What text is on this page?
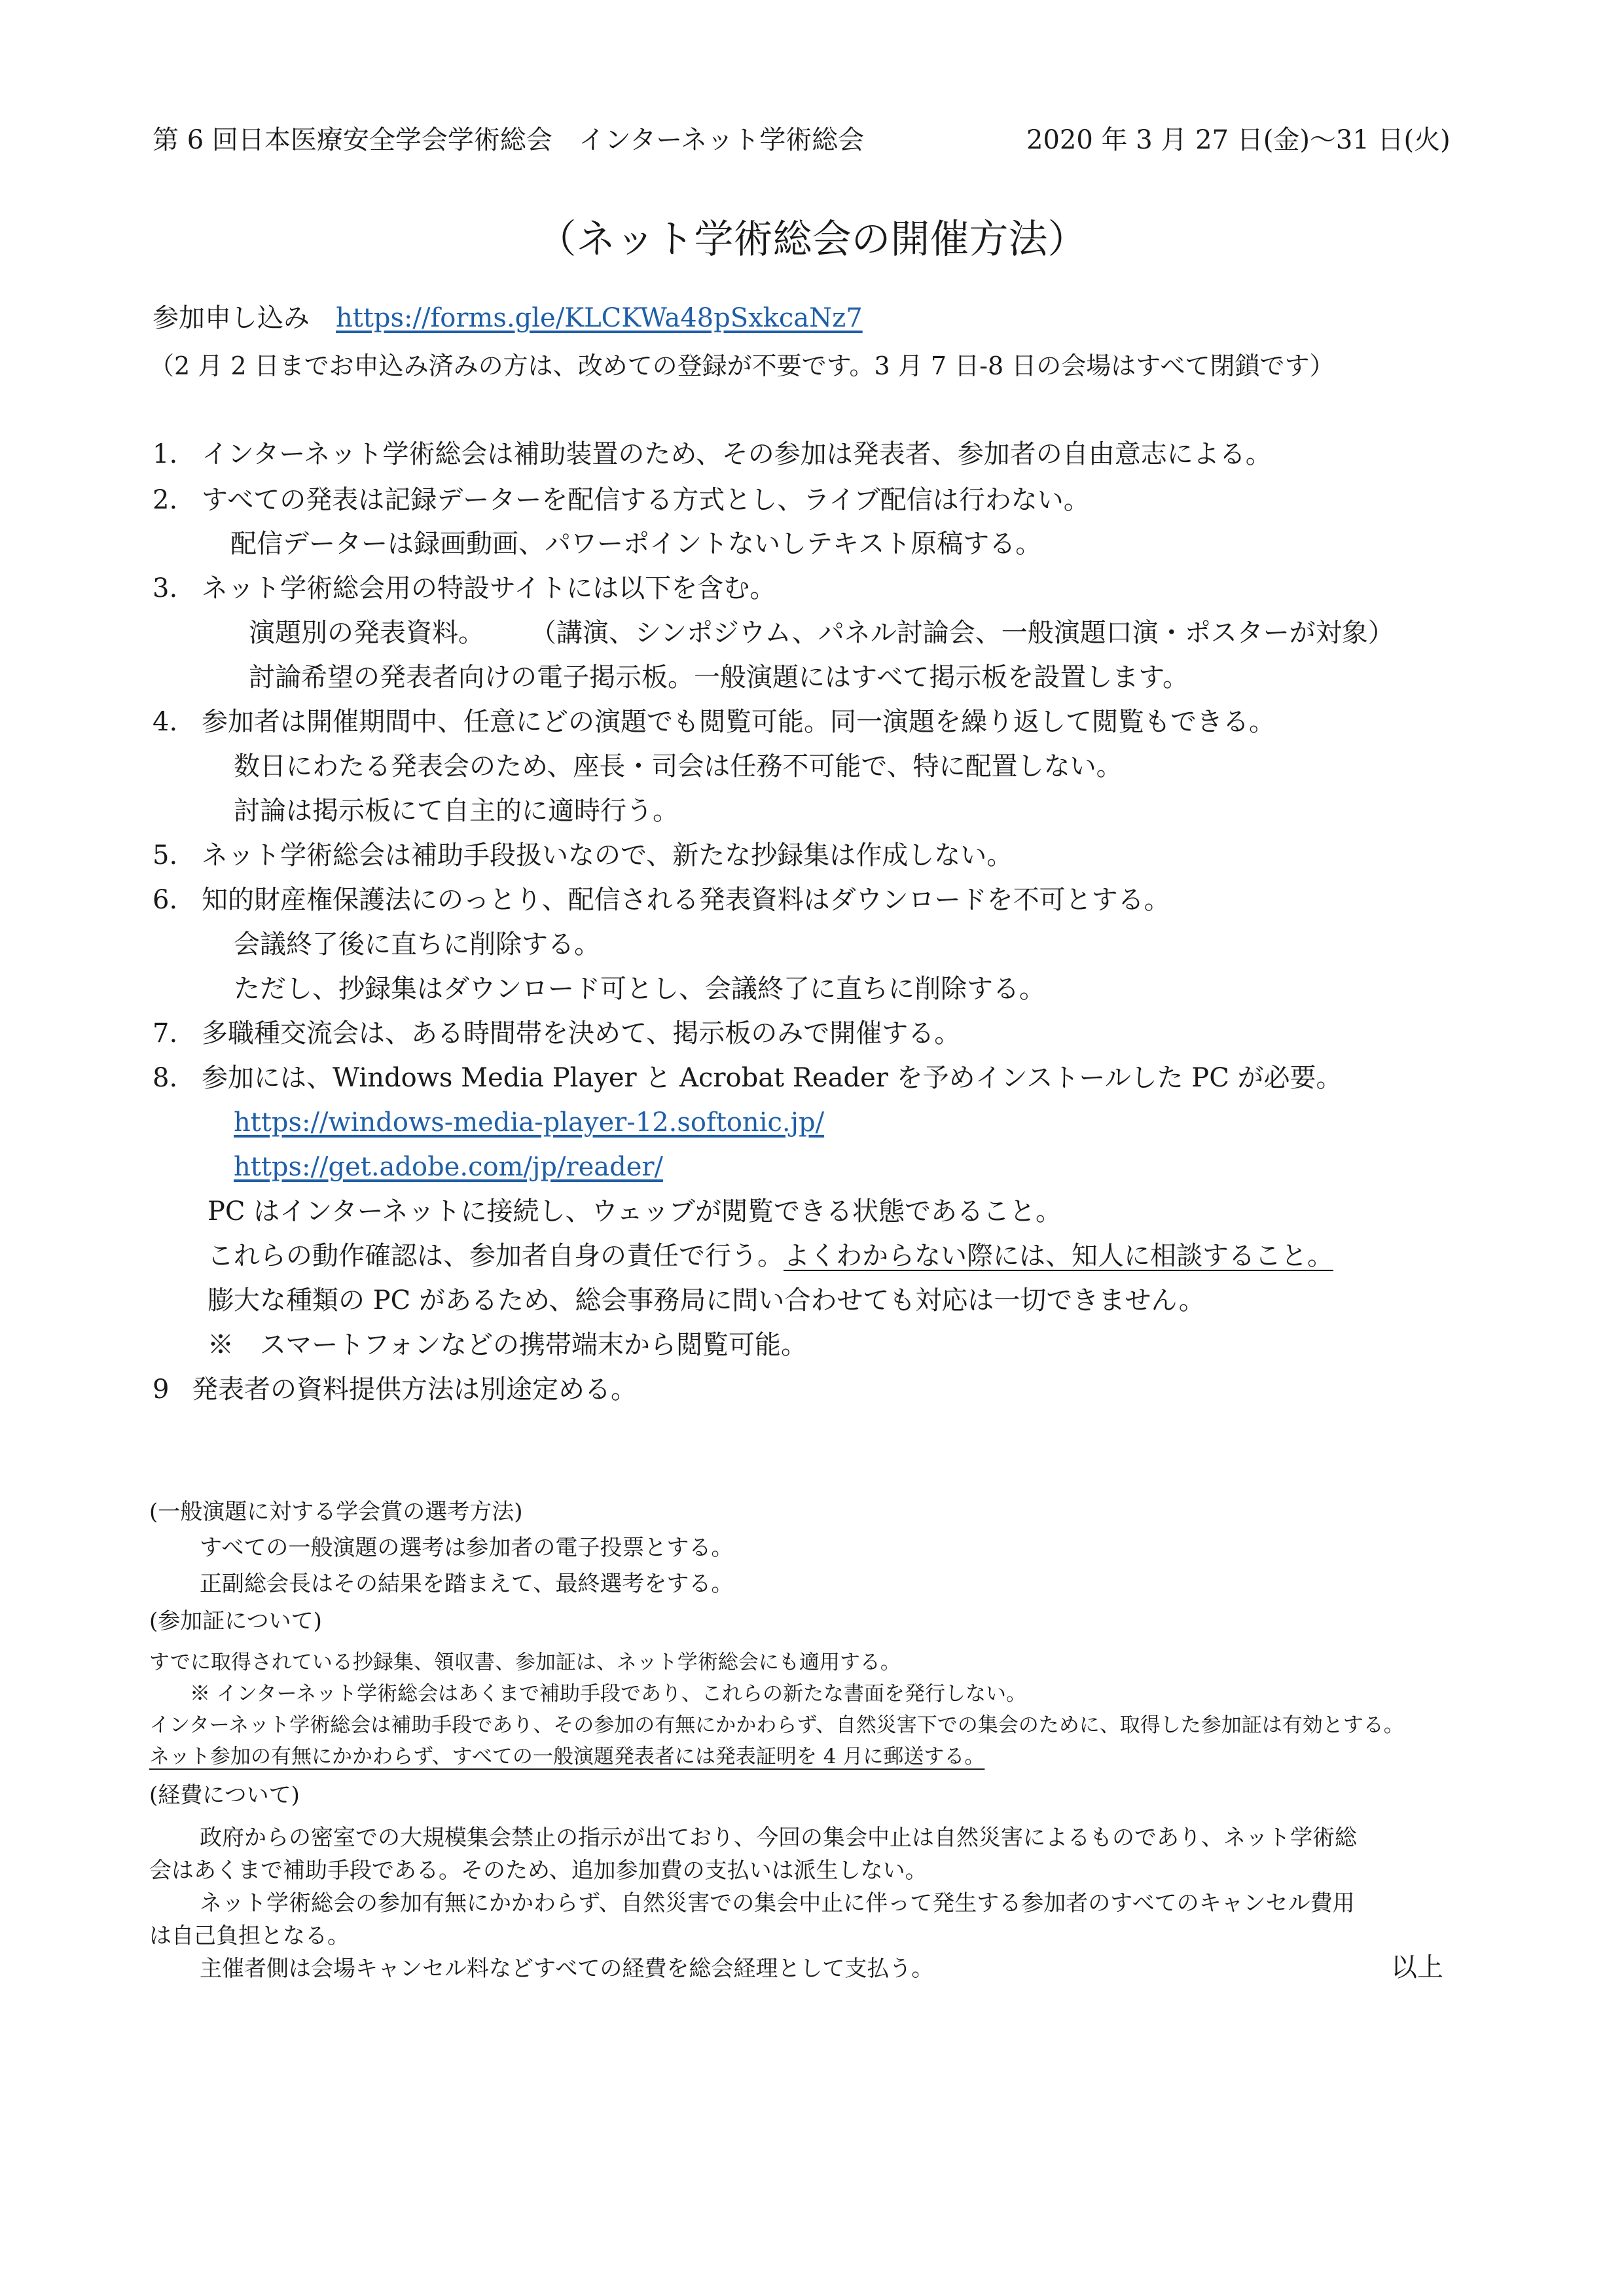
第 6 回日本医療安全学会学術総会　インターネット学術総会	2020 年 3 月 27 日(金)～31 日(火)
（ネット学術総会の開催方法）
参加申し込み https://forms.gle/KLCKWa48pSxkcaNz7
（2 月 2 日までお申込み済みの方は、改めての登録が不要です。3 月 7 日-8 日の会場はすべて閉鎖です）
1. インターネット学術総会は補助装置のため、その参加は発表者、参加者の自由意志による。
2. すべての発表は記録データーを配信する方式とし、ライブ配信は行わない。
配信データーは録画動画、パワーポイントないしテキスト原稿する。
3. ネット学術総会用の特設サイトには以下を含む。
演題別の発表資料。 （講演、シンポジウム、パネル討論会、一般演題口演・ポスターが対象）
討論希望の発表者向けの電子掲示板。一般演題にはすべて掲示板を設置します。
4. 参加者は開催期間中、任意にどの演題でも閲覧可能。同一演題を繰り返して閲覧もできる。
数日にわたる発表会のため、座長・司会は任務不可能で、特に配置しない。
討論は掲示板にて自主的に適時行う。
5. ネット学術総会は補助手段扱いなので、新たな抄録集は作成しない。
6. 知的財産権保護法にのっとり、配信される発表資料はダウンロードを不可とする。
会議終了後に直ちに削除する。
ただし、抄録集はダウンロード可とし、会議終了に直ちに削除する。
7. 多職種交流会は、ある時間帯を決めて、掲示板のみで開催する。
8. 参加には、Windows Media Player と Acrobat Reader を予めインストールした PC が必要。
https://windows-media-player-12.softonic.jp/
https://get.adobe.com/jp/reader/
PC はインターネットに接続し、ウェッブが閲覧できる状態であること。
これらの動作確認は、参加者自身の責任で行う。よくわからない際には、知人に相談すること。
膨大な種類の PC があるため、総会事務局に問い合わせても対応は一切できません。
※　スマートフォンなどの携帯端末から閲覧可能。
9 発表者の資料提供方法は別途定める。
(一般演題に対する学会賞の選考方法)
すべての一般演題の選考は参加者の電子投票とする。
正副総会長はその結果を踏まえて、最終選考をする。
(参加証について)
すでに取得されている抄録集、領収書、参加証は、ネット学術総会にも適用する。
※ インターネット学術総会はあくまで補助手段であり、これらの新たな書面を発行しない。
インターネット学術総会は補助手段であり、その参加の有無にかかわらず、自然災害下での集会のために、取得した参加証は有効とする。
ネット参加の有無にかかわらず、すべての一般演題発表者には発表証明を 4 月に郵送する。
(経費について)
政府からの密室での大規模集会禁止の指示が出ており、今回の集会中止は自然災害によるものであり、ネット学術総
会はあくまで補助手段である。そのため、追加参加費の支払いは派生しない。
ネット学術総会の参加有無にかかわらず、自然災害での集会中止に伴って発生する参加者のすべてのキャンセル費用
は自己負担となる。
主催者側は会場キャンセル料などすべての経費を総会経理として支払う。	以上
